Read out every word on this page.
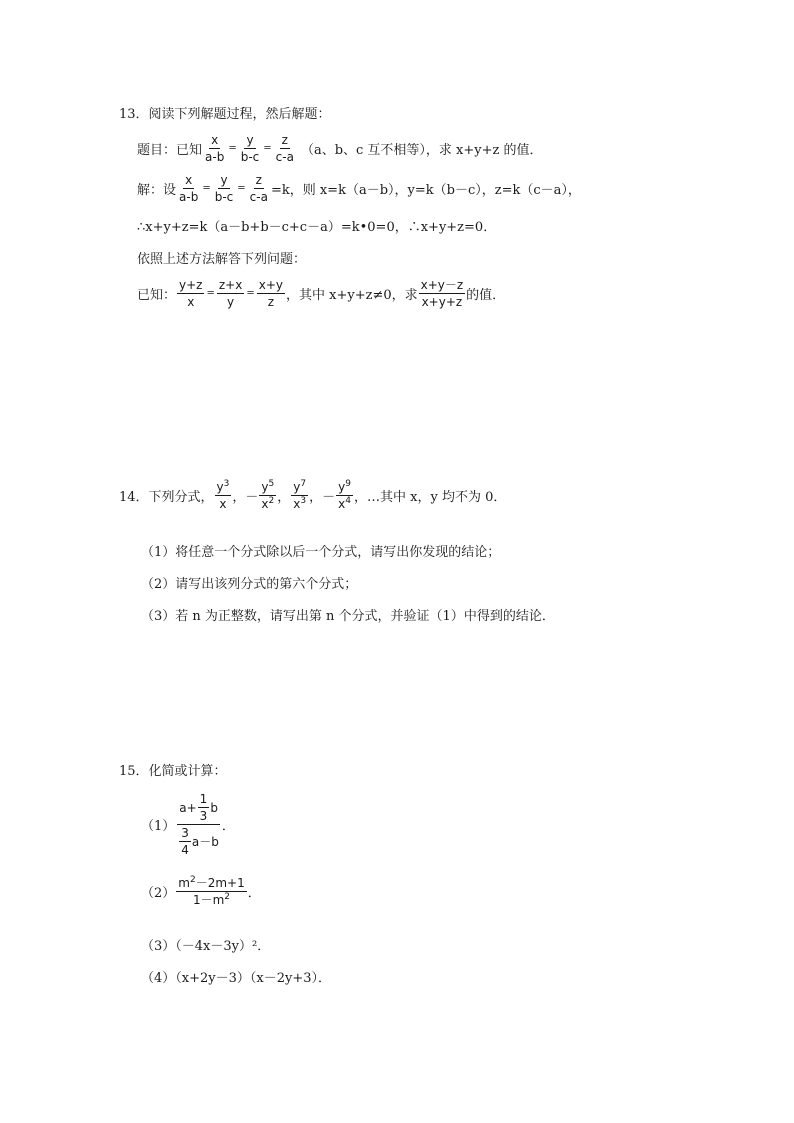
13．阅读下列解题过程，然后解题：
题目：已知 $\frac{x}{a-b} = \frac{y}{b-c} = \frac{z}{c-a} (a$、b、c 互不相等），求 x+y+z 的值．
解：设 $\frac{x}{a-b} = \frac{y}{b-c} = \frac{z}{c-a} =k$，则 x=k（a－b），y=k（b－c），z=k（c－a），
∴x+y+z=k（a－b+b－c+c－a）=k•0=0，∴x+y+z=0．
依照上述方法解答下列问题：
已知： $\frac{y+z}{x} = \frac{z+x}{y} = \frac{x+y}{z}$ ，其中 x+y+z≠0，求 $\frac{x+y-z}{x+y+z}$ 的值．
14．下列分式， $\frac{y^3}{x}$ ， － $\frac{y^5}{x^2}$ ， $\frac{y^7}{x^3}$ ， － $\frac{y^9}{x^4}$ ，…其中 x，y 均不为 0．
（1）将任意一个分式除以后一个分式，请写出你发现的结论；
（2）请写出该列分式的第六个分式；
（3）若 n 为正整数，请写出第 n 个分式，并验证（1）中得到的结论．
15．化简或计算：
$(1) \frac{a+ \frac{1}{3} b}{\frac{3}{4} a-b}$ ．
$(2) \frac{m^2-2m+1}{1-m^2}$ ．
（3）（－4x－3y）²．
（4）（x+2y－3）（x－2y+3）．
